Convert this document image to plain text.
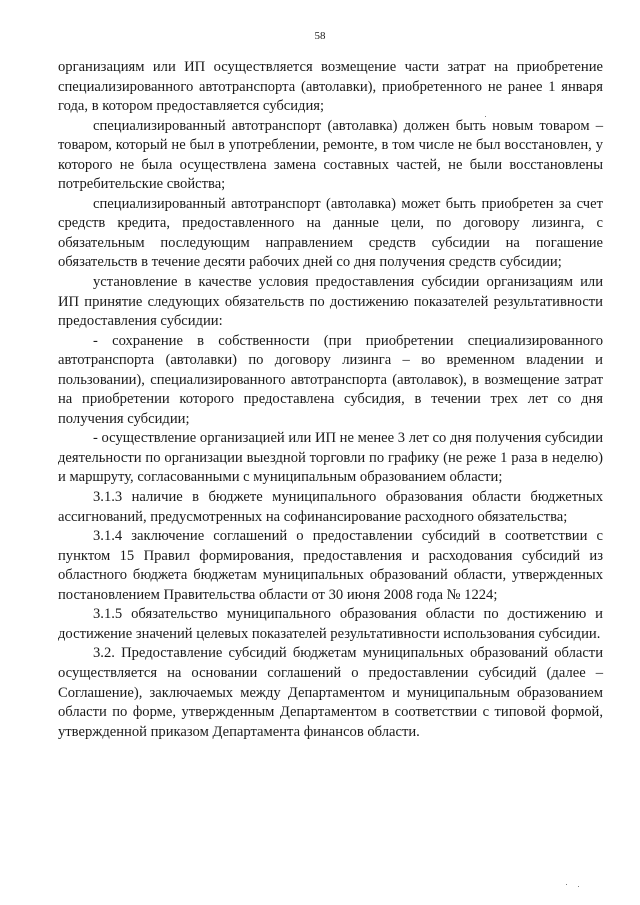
58

организациям или ИП осуществляется возмещение части затрат на приобретение специализированного автотранспорта (автолавки), приобретенного не ранее 1 января года, в котором предоставляется субсидия;

специализированный автотранспорт (автолавка) должен быть новым товаром – товаром, который не был в употреблении, ремонте, в том числе не был восстановлен, у которого не была осуществлена замена составных частей, не были восстановлены потребительские свойства;

специализированный автотранспорт (автолавка) может быть приобретен за счет средств кредита, предоставленного на данные цели, по договору лизинга, с обязательным последующим направлением средств субсидии на погашение обязательств в течение десяти рабочих дней со дня получения средств субсидии;

установление в качестве условия предоставления субсидии организациям или ИП принятие следующих обязательств по достижению показателей результативности предоставления субсидии:

- сохранение в собственности (при приобретении специализированного автотранспорта (автолавки) по договору лизинга – во временном владении и пользовании), специализированного автотранспорта (автолавок), в возмещение затрат на приобретении которого предоставлена субсидия, в течении трех лет со дня получения субсидии;

- осуществление организацией или ИП не менее 3 лет со дня получения субсидии деятельности по организации выездной торговли по графику (не реже 1 раза в неделю) и маршруту, согласованными с муниципальным образованием области;

3.1.3 наличие в бюджете муниципального образования области бюджетных ассигнований, предусмотренных на софинансирование расходного обязательства;

3.1.4 заключение соглашений о предоставлении субсидий в соответствии с пунктом 15 Правил формирования, предоставления и расходования субсидий из областного бюджета бюджетам муниципальных образований области, утвержденных постановлением Правительства области от 30 июня 2008 года № 1224;

3.1.5 обязательство муниципального образования области по достижению и достижение значений целевых показателей результативности использования субсидии.

3.2. Предоставление субсидий бюджетам муниципальных образований области осуществляется на основании соглашений о предоставлении субсидий (далее – Соглашение), заключаемых между Департаментом и муниципальным образованием области по форме, утвержденным Департаментом в соответствии с типовой формой, утвержденной приказом Департамента финансов области.
